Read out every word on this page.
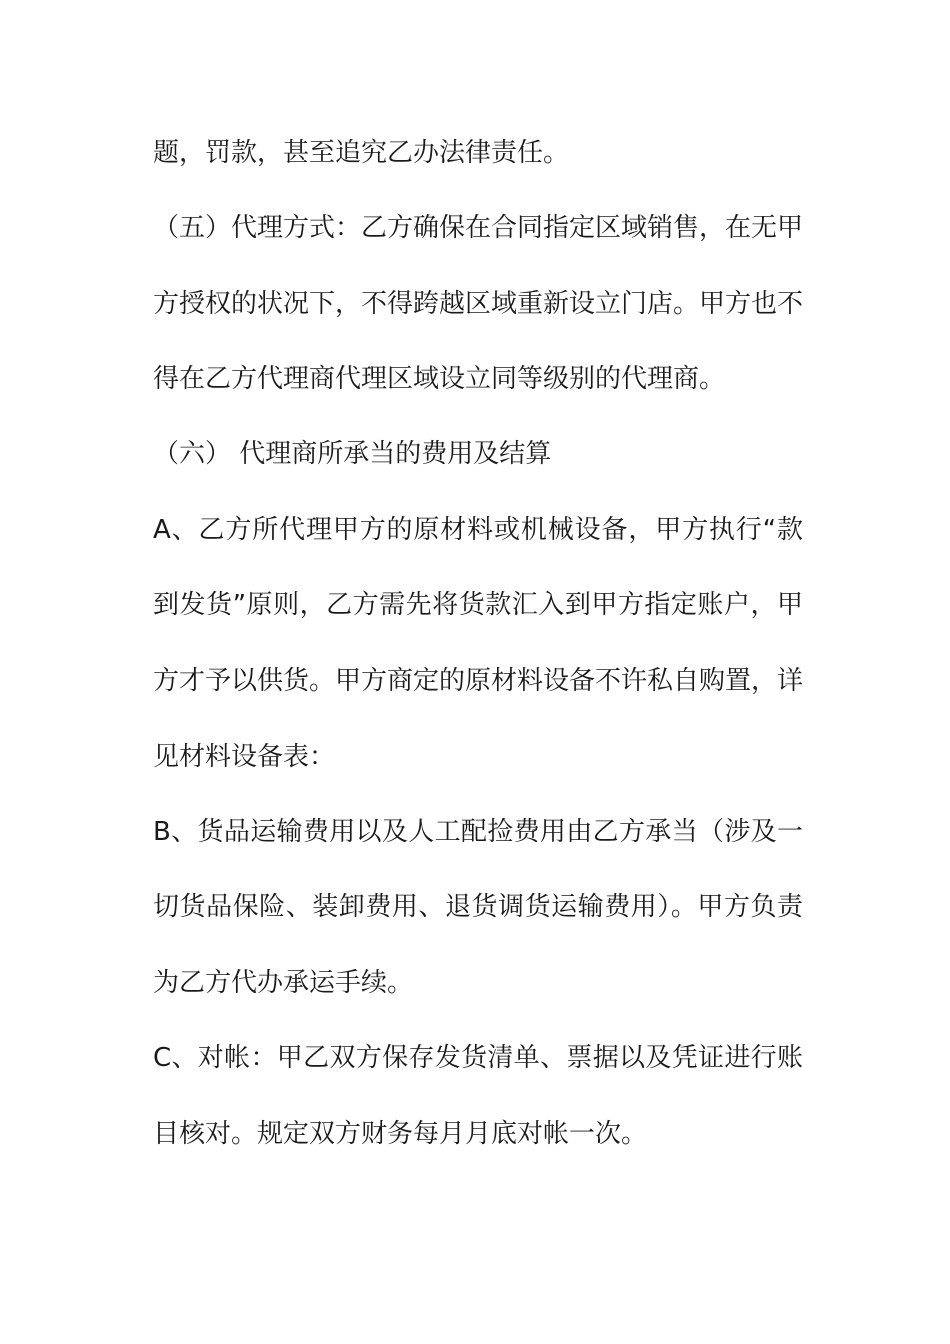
题，罚款，甚至追究乙办法律责任。
（五）代理方式：乙方确保在合同指定区域销售，在无甲
方授权的状况下，不得跨越区域重新设立门店。甲方也不
得在乙方代理商代理区域设立同等级别的代理商。
（六） 代理商所承当的费用及结算
A、乙方所代理甲方的原材料或机械设备，甲方执行“款
到发货”原则，乙方需先将货款汇入到甲方指定账户，甲
方才予以供货。甲方商定的原材料设备不许私自购置，详
见材料设备表：
B、货品运输费用以及人工配捡费用由乙方承当（涉及一
切货品保险、装卸费用、退货调货运输费用）。甲方负责
为乙方代办承运手续。
C、对帐：甲乙双方保存发货清单、票据以及凭证进行账
目核对。规定双方财务每月月底对帐一次。
